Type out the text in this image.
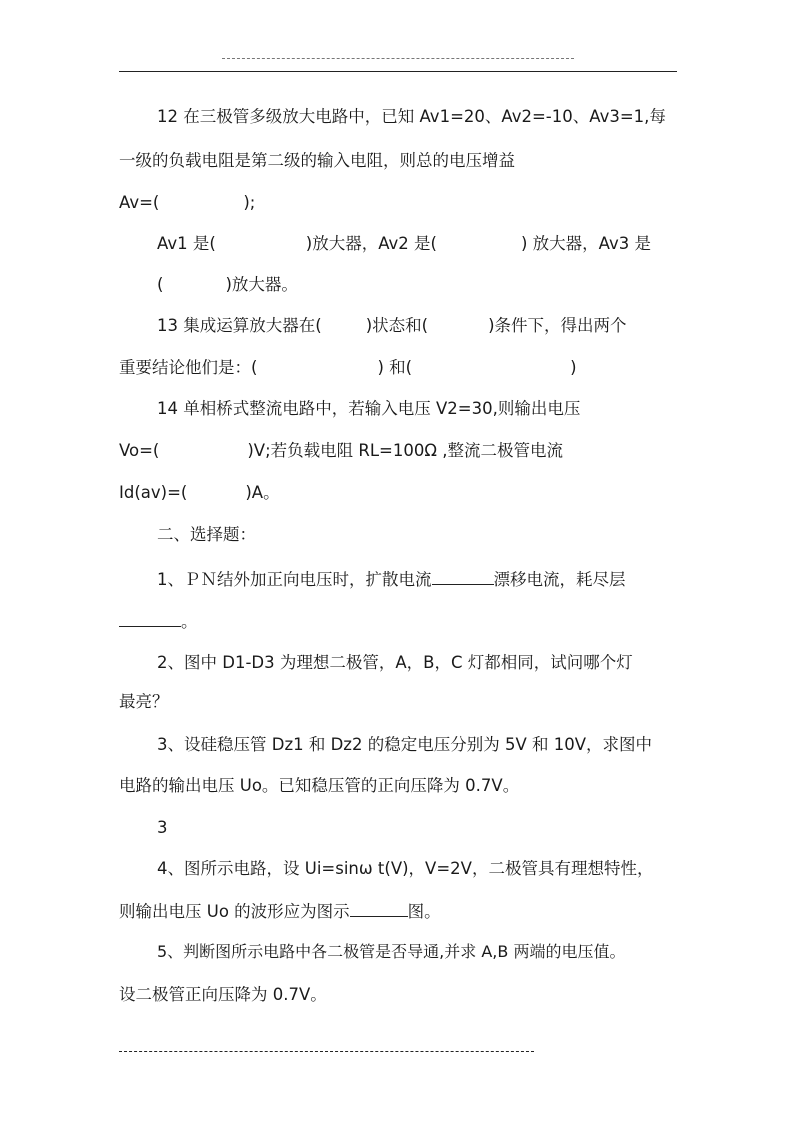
12 在三极管多级放大电路中，已知 Av1=20、Av2=-10、Av3=1,每
一级的负载电阻是第二级的输入电阻，则总的电压增益
Av=(	);
Av1 是(	)放大器，Av2 是(	) 放大器，Av3 是
(	)放大器。
13 集成运算放大器在(	)状态和(	)条件下，得出两个
重要结论他们是：(	) 和(	)
14 单相桥式整流电路中，若输入电压 V2=30,则输出电压
Vo=(	)V;若负载电阻 RL=100Ω ,整流二极管电流
Id(av)=(	)A。
二、选择题：
1、ＰＮ结外加正向电压时，扩散电流	漂移电流，耗尽层
。
2、图中 D1-D3 为理想二极管，A，B，C 灯都相同，试问哪个灯
最亮？
3、设硅稳压管 Dz1 和 Dz2 的稳定电压分别为 5V 和 10V，求图中
电路的输出电压 Uo。已知稳压管的正向压降为 0.7V。
3
4、图所示电路，设 Ui=sinω t(V)，V=2V，二极管具有理想特性，
则输出电压 Uo 的波形应为图示	图。
5、判断图所示电路中各二极管是否导通,并求 A,B 两端的电压值。
设二极管正向压降为 0.7V。
